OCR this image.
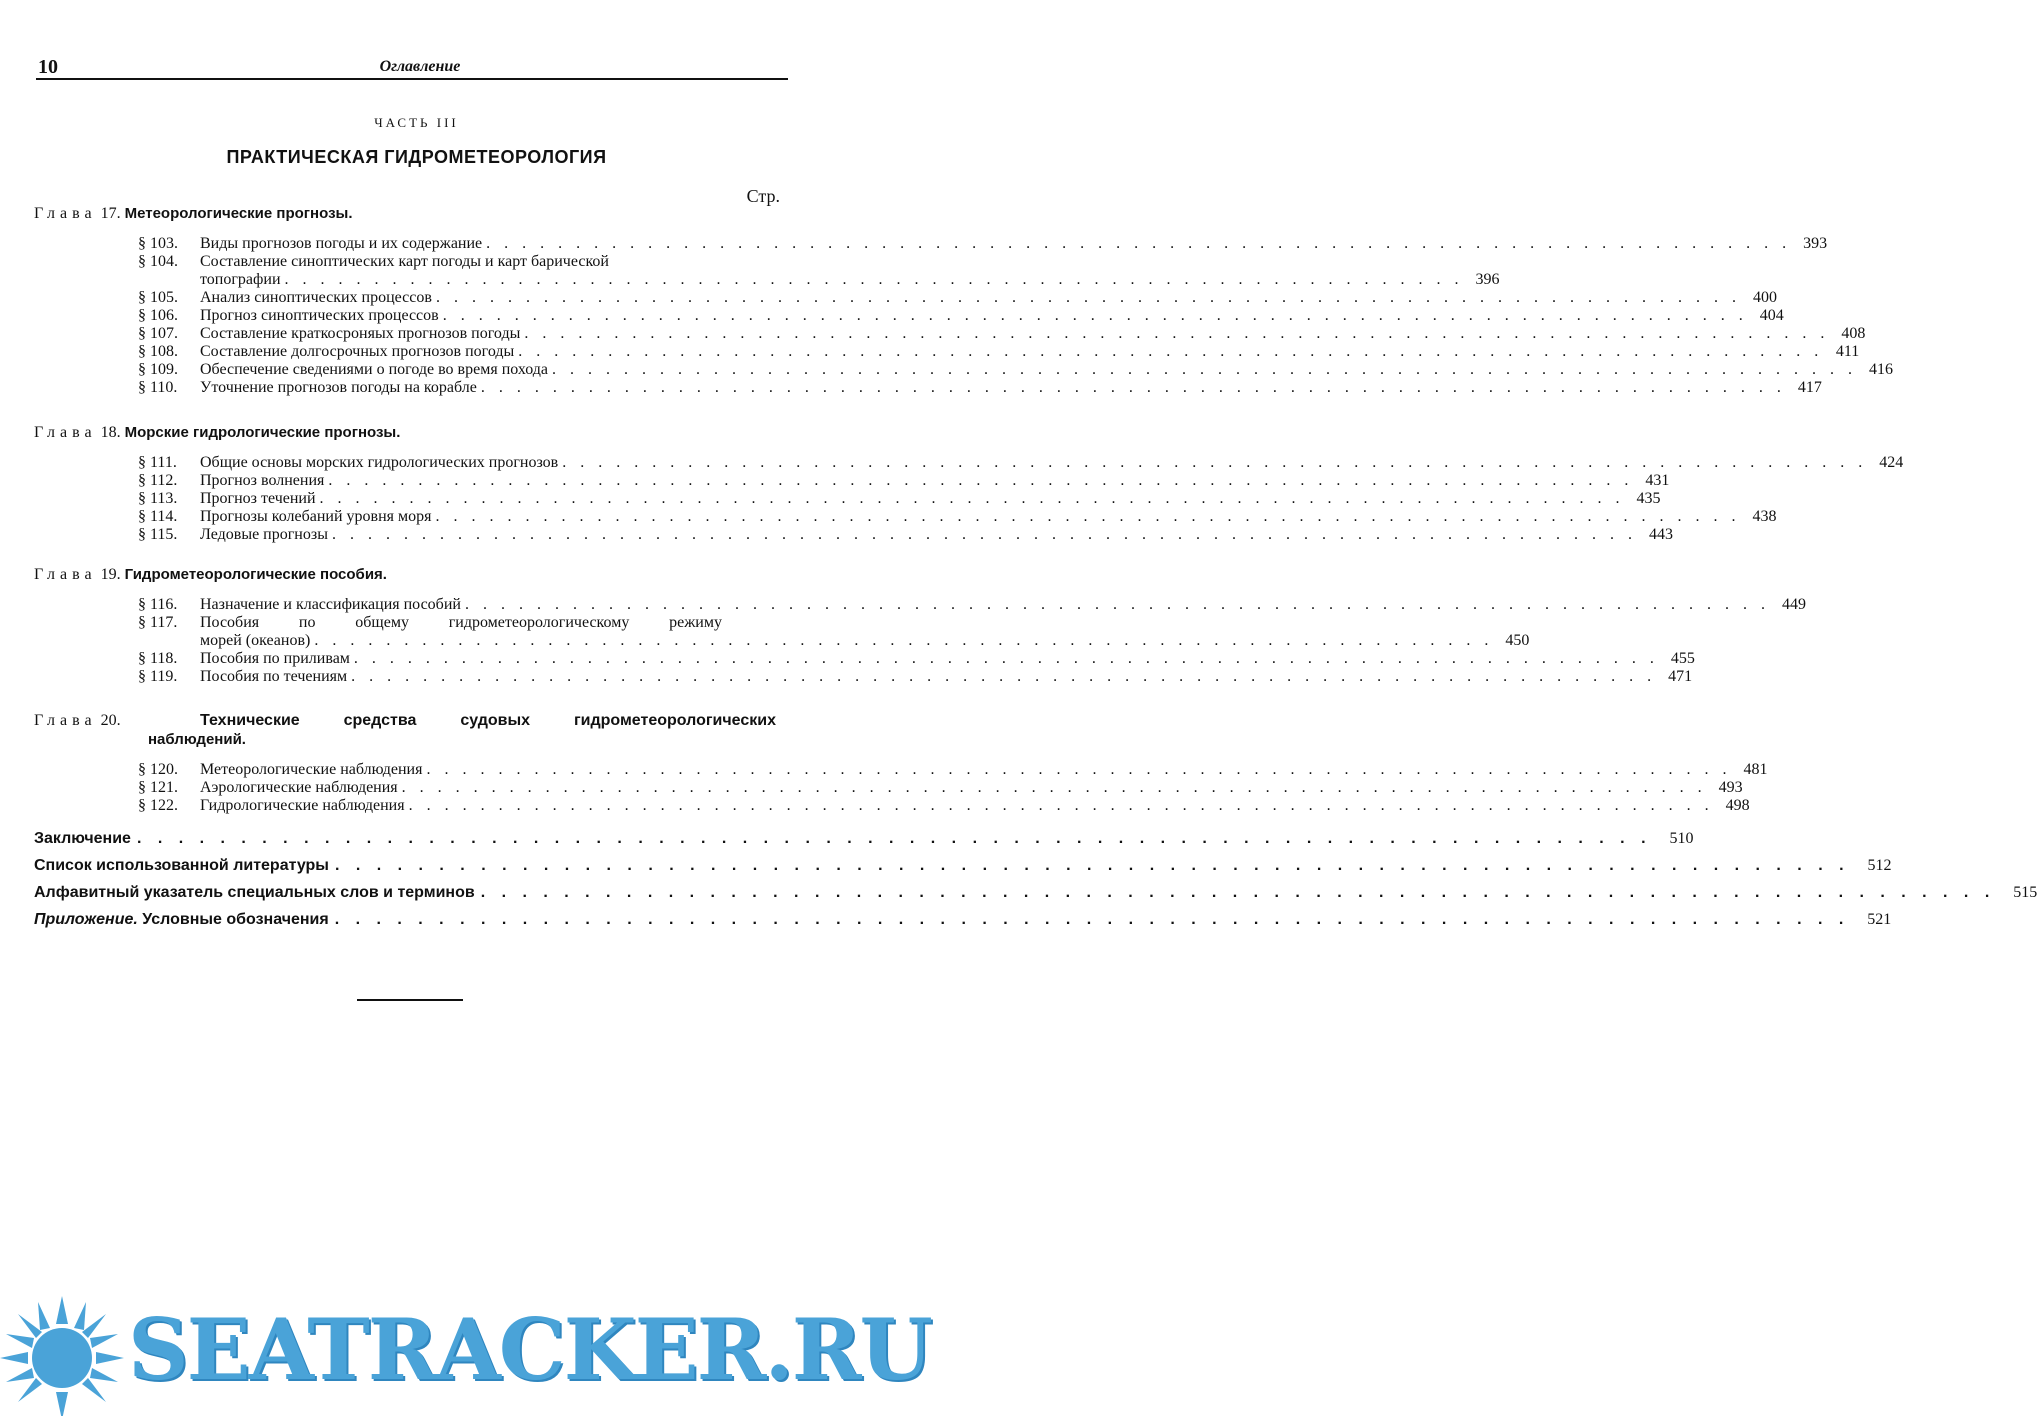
10	Оглавление
ЧАСТЬ III
ПРАКТИЧЕСКАЯ ГИДРОМЕТЕОРОЛОГИЯ
Стр.
Глава 17. Метеорологические прогнозы.
§ 103.	Виды прогнозов погоды и их содержание . . .	393
§ 104.	Составление синоптических карт погоды и карт барической
топографии . . .	396
§ 105.	Анализ синоптических процессов . . .	400
§ 106.	Прогноз синоптических процессов . . .	404
§ 107.	Составление краткосроняых прогнозов погоды . . .	408
§ 108.	Составление долгосрочных прогнозов погоды . . .	411
§ 109.	Обеспечение сведениями о погоде во время похода . . .	416
§ 110.	Уточнение прогнозов погоды на корабле . . .	417
Глава 18. Морские гидрологические прогнозы.
§ 111.	Общие основы морских гидрологических прогнозов . . .	424
§ 112.	Прогноз волнения . . .	431
§ 113.	Прогноз течений . . .	435
§ 114.	Прогнозы колебаний уровня моря . . .	438
§ 115.	Ледовые прогнозы . . .	443
Глава 19. Гидрометеорологические пособия.
§ 116.	Назначение и классификация пособий . . .	449
§ 117.	Пособия по общему гидрометеорологическому режиму
морей (океанов) . . .	450
§ 118.	Пособия по приливам . . .	455
§ 119.	Пособия по течениям . . .	471
Глава 20.	Технические	средства	судовых	гидрометеорологических
наблюдений.
§ 120.	Метеорологические наблюдения . . .	481
§ 121.	Аэрологические наблюдения . . .	493
§ 122.	Гидрологические наблюдения . . .	498
Заключение . . .	510
Список использованной литературы . . .	512
Алфавитный указатель специальных слов и терминов . . .	515
Приложение.
Условные обозначения . . .	521
SEATRACKER.RU
